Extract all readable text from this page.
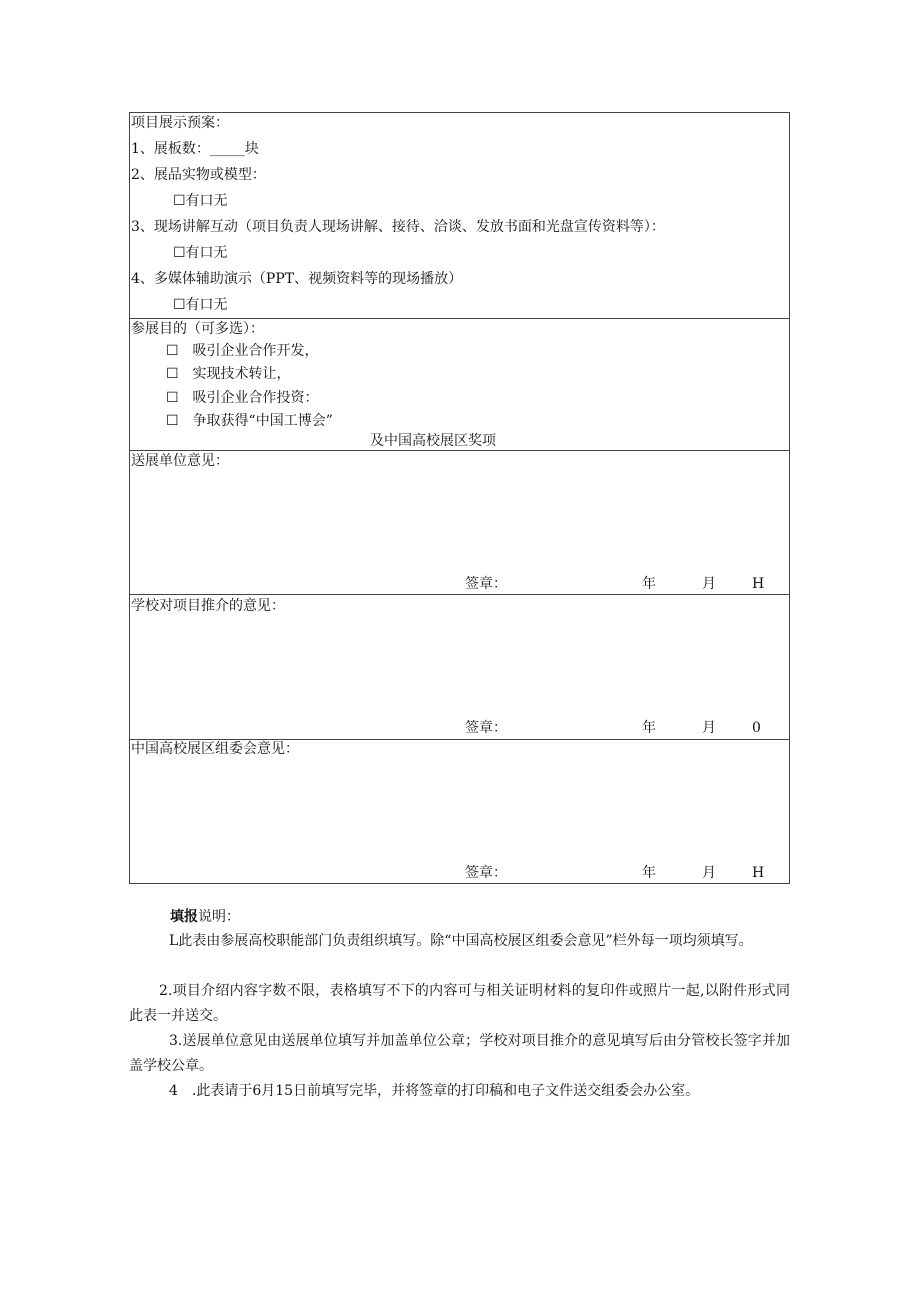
项目展示预案：
1、展板数：_____块
2、展品实物或模型：
☐有口无
3、现场讲解互动（项目负责人现场讲解、接待、洽谈、发放书面和光盘宣传资料等）：
☐有口无
4、多媒体辅助演示（PPT、视频资料等的现场播放）
☐有口无
参展目的（可多选）：
☐　吸引企业合作开发，
☐　实现技术转让，
☐　吸引企业合作投资：
☐　争取获得“中国工博会”
及中国高校展区奖项
送展单位意见：
签章：	年	月	H
学校对项目推介的意见：
签章：	年	月	0
中国高校展区组委会意见：
签章：	年	月	H
填报说明：
L此表由参展高校职能部门负责组织填写。除“中国高校展区组委会意见”栏外每一项均须填写。
2.项目介绍内容字数不限，表格填写不下的内容可与相关证明材料的复印件或照片一起,以附件形式同此表一并送交。
3.送展单位意见由送展单位填写并加盖单位公章；学校对项目推介的意见填写后由分管校长签字并加盖学校公章。
4　.此表请于6月15日前填写完毕，并将签章的打印稿和电子文件送交组委会办公室。
